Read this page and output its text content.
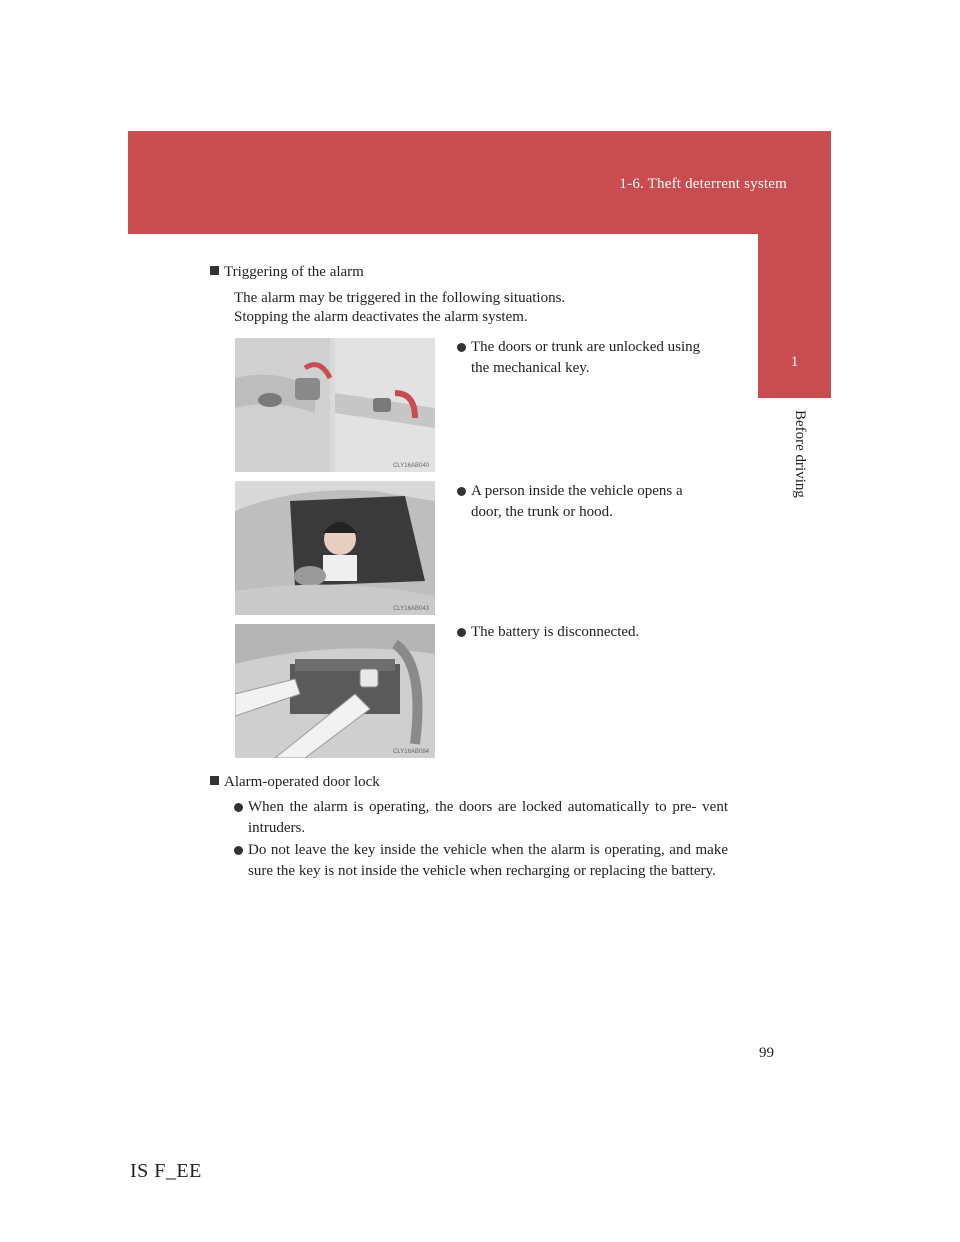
1-6. Theft deterrent system
1
Before driving
Triggering of the alarm
The alarm may be triggered in the following situations.
Stopping the alarm deactivates the alarm system.
CLY16AB040
The doors or trunk are unlocked using
the mechanical key.
CLY16AB043
A person inside the vehicle opens a
door, the trunk or hood.
CLY16AB084
The battery is disconnected.
Alarm-operated door lock
When the alarm is operating, the doors are locked automatically to pre- vent intruders.
Do not leave the key inside the vehicle when the alarm is operating, and make sure the key is not inside the vehicle when recharging or replacing the battery.
99
IS F_EE
